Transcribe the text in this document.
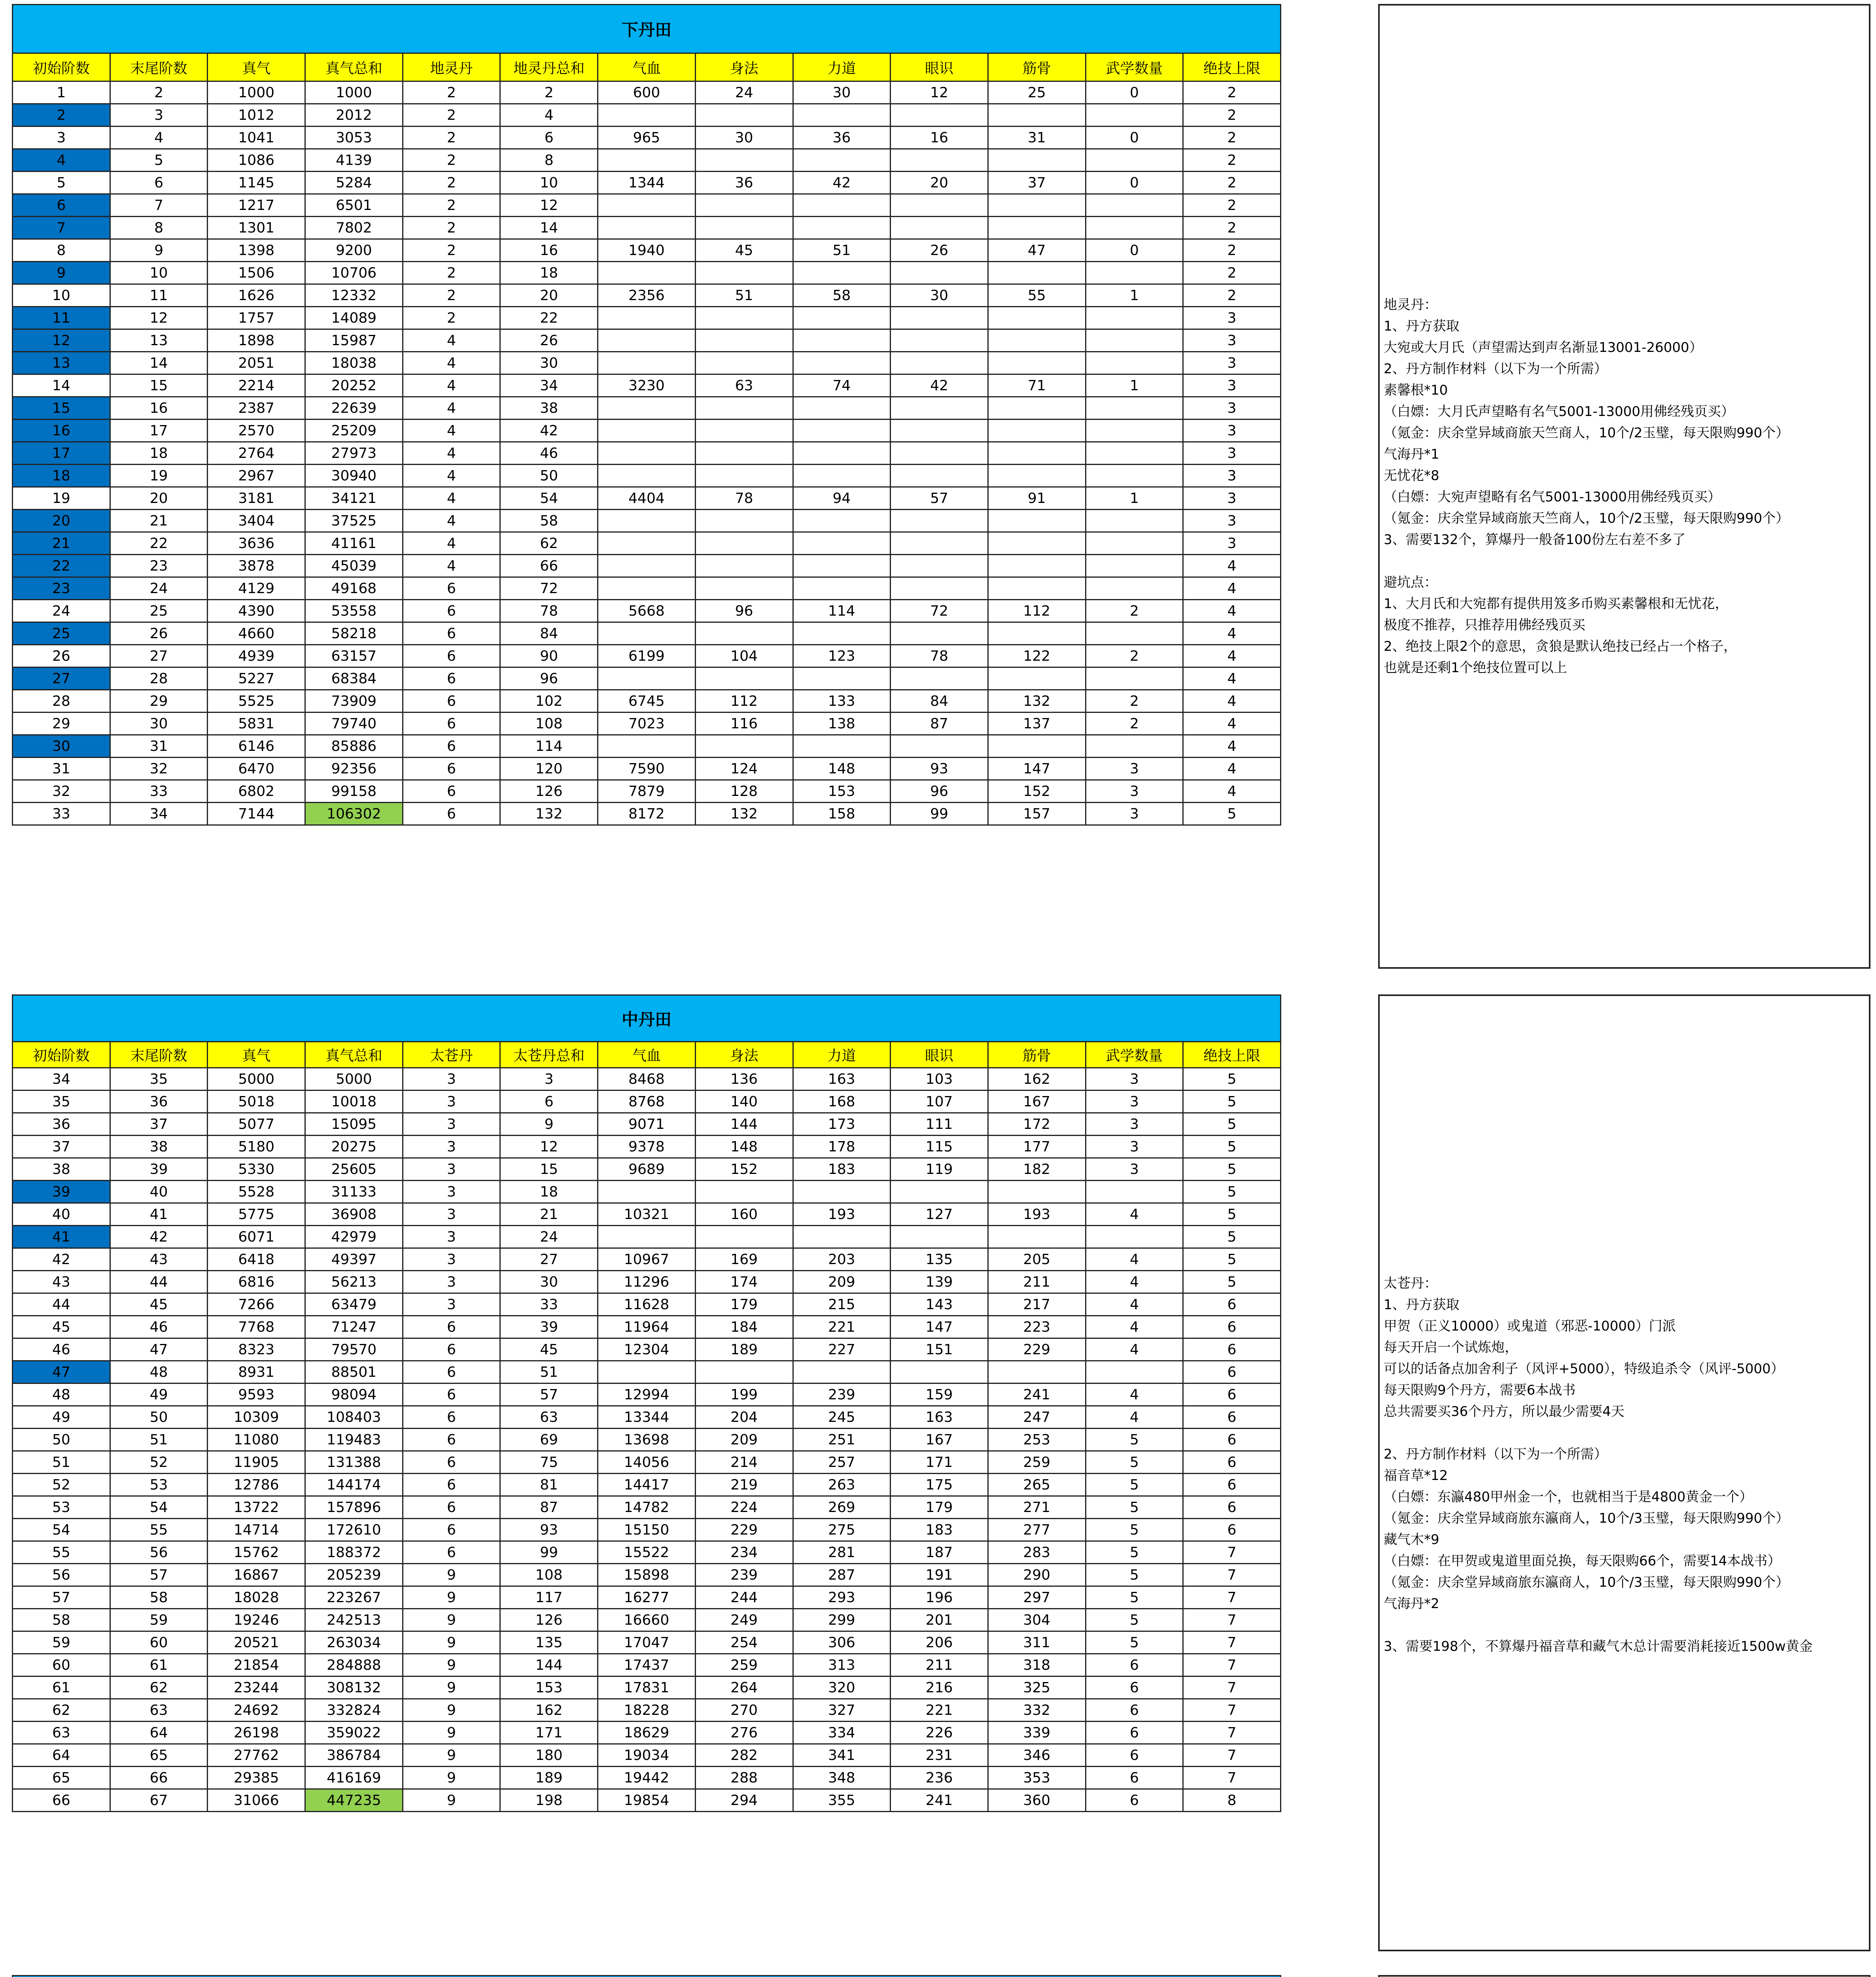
下丹田												
初始阶数	末尾阶数	真气	真气总和	地灵丹	地灵丹总和	气血	身法	力道	眼识	筋骨	武学数量	绝技上限
1	2	1000	1000	2	2	600	24	30	12	25	0	2
2	3	1012	2012	2	4							2
3	4	1041	3053	2	6	965	30	36	16	31	0	2
4	5	1086	4139	2	8							2
5	6	1145	5284	2	10	1344	36	42	20	37	0	2
6	7	1217	6501	2	12							2
7	8	1301	7802	2	14							2
8	9	1398	9200	2	16	1940	45	51	26	47	0	2
9	10	1506	10706	2	18							2
10	11	1626	12332	2	20	2356	51	58	30	55	1	2
11	12	1757	14089	2	22							3
12	13	1898	15987	4	26							3
13	14	2051	18038	4	30							3
14	15	2214	20252	4	34	3230	63	74	42	71	1	3
15	16	2387	22639	4	38							3
16	17	2570	25209	4	42							3
17	18	2764	27973	4	46							3
18	19	2967	30940	4	50							3
19	20	3181	34121	4	54	4404	78	94	57	91	1	3
20	21	3404	37525	4	58							3
21	22	3636	41161	4	62							3
22	23	3878	45039	4	66							4
23	24	4129	49168	6	72							4
24	25	4390	53558	6	78	5668	96	114	72	112	2	4
25	26	4660	58218	6	84							4
26	27	4939	63157	6	90	6199	104	123	78	122	2	4
27	28	5227	68384	6	96							4
28	29	5525	73909	6	102	6745	112	133	84	132	2	4
29	30	5831	79740	6	108	7023	116	138	87	137	2	4
30	31	6146	85886	6	114							4
31	32	6470	92356	6	120	7590	124	148	93	147	3	4
32	33	6802	99158	6	126	7879	128	153	96	152	3	4
33	34	7144	106302	6	132	8172	132	158	99	157	3	5
地灵丹：
1、丹方获取
大宛或大月氏（声望需达到声名渐显13001-26000）
2、丹方制作材料（以下为一个所需）
素馨根*10
（白嫖：大月氏声望略有名气5001-13000用佛经残页买）
（氪金：庆余堂异域商旅天竺商人，10个/2玉璧，每天限购990个）
气海丹*1
无忧花*8
（白嫖：大宛声望略有名气5001-13000用佛经残页买）
（氪金：庆余堂异域商旅天竺商人，10个/2玉璧，每天限购990个）
3、需要132个，算爆丹一般备100份左右差不多了

避坑点：
1、大月氏和大宛都有提供用笈多币购买素馨根和无忧花，
极度不推荐，只推荐用佛经残页买
2、绝技上限2个的意思，贪狼是默认绝技已经占一个格子，
也就是还剩1个绝技位置可以上
中丹田												
初始阶数	末尾阶数	真气	真气总和	太苍丹	太苍丹总和	气血	身法	力道	眼识	筋骨	武学数量	绝技上限
34	35	5000	5000	3	3	8468	136	163	103	162	3	5
35	36	5018	10018	3	6	8768	140	168	107	167	3	5
36	37	5077	15095	3	9	9071	144	173	111	172	3	5
37	38	5180	20275	3	12	9378	148	178	115	177	3	5
38	39	5330	25605	3	15	9689	152	183	119	182	3	5
39	40	5528	31133	3	18							5
40	41	5775	36908	3	21	10321	160	193	127	193	4	5
41	42	6071	42979	3	24							5
42	43	6418	49397	3	27	10967	169	203	135	205	4	5
43	44	6816	56213	3	30	11296	174	209	139	211	4	5
44	45	7266	63479	3	33	11628	179	215	143	217	4	6
45	46	7768	71247	6	39	11964	184	221	147	223	4	6
46	47	8323	79570	6	45	12304	189	227	151	229	4	6
47	48	8931	88501	6	51							6
48	49	9593	98094	6	57	12994	199	239	159	241	4	6
49	50	10309	108403	6	63	13344	204	245	163	247	4	6
50	51	11080	119483	6	69	13698	209	251	167	253	5	6
51	52	11905	131388	6	75	14056	214	257	171	259	5	6
52	53	12786	144174	6	81	14417	219	263	175	265	5	6
53	54	13722	157896	6	87	14782	224	269	179	271	5	6
54	55	14714	172610	6	93	15150	229	275	183	277	5	6
55	56	15762	188372	6	99	15522	234	281	187	283	5	7
56	57	16867	205239	9	108	15898	239	287	191	290	5	7
57	58	18028	223267	9	117	16277	244	293	196	297	5	7
58	59	19246	242513	9	126	16660	249	299	201	304	5	7
59	60	20521	263034	9	135	17047	254	306	206	311	5	7
60	61	21854	284888	9	144	17437	259	313	211	318	6	7
61	62	23244	308132	9	153	17831	264	320	216	325	6	7
62	63	24692	332824	9	162	18228	270	327	221	332	6	7
63	64	26198	359022	9	171	18629	276	334	226	339	6	7
64	65	27762	386784	9	180	19034	282	341	231	346	6	7
65	66	29385	416169	9	189	19442	288	348	236	353	6	7
66	67	31066	447235	9	198	19854	294	355	241	360	6	8
太苍丹：
1、丹方获取
甲贺（正义10000）或鬼道（邪恶-10000）门派
每天开启一个试炼炮，
可以的话备点加舍利子（风评+5000），特级追杀令（风评-5000）
每天限购9个丹方，需要6本战书
总共需要买36个丹方，所以最少需要4天

2、丹方制作材料（以下为一个所需）
福音草*12
（白嫖：东瀛480甲州金一个，也就相当于是4800黄金一个）
（氪金：庆余堂异域商旅东瀛商人，10个/3玉璧，每天限购990个）
藏气木*9
（白嫖：在甲贺或鬼道里面兑换，每天限购66个，需要14本战书）
（氪金：庆余堂异域商旅东瀛商人，10个/3玉璧，每天限购990个）
气海丹*2

3、需要198个，不算爆丹福音草和藏气木总计需要消耗接近1500w黄金
